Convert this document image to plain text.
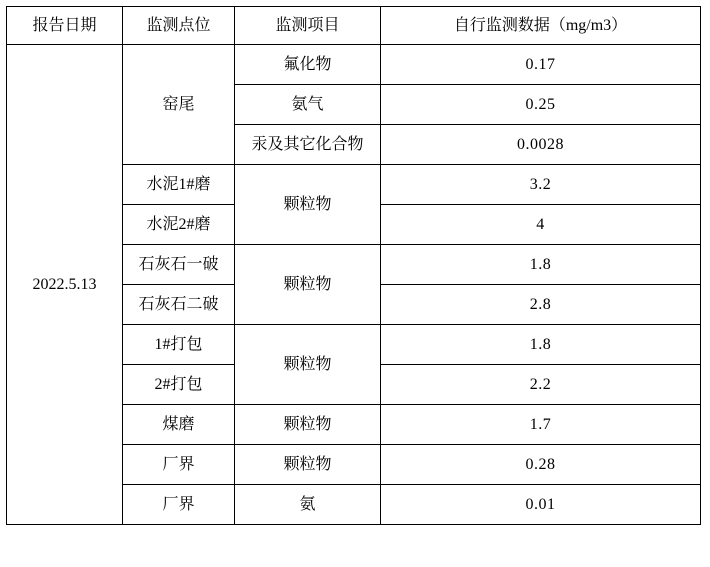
报告日期	监测点位	监测项目	自行监测数据（mg/m3）
2022.5.13	窑尾	氟化物	0.17
		氨气	0.25
		汞及其它化合物	0.0028
	水泥1#磨	颗粒物	3.2
	水泥2#磨		4
	石灰石一破	颗粒物	1.8
	石灰石二破		2.8
	1#打包	颗粒物	1.8
	2#打包		2.2
	煤磨	颗粒物	1.7
	厂界	颗粒物	0.28
	厂界	氨	0.01
